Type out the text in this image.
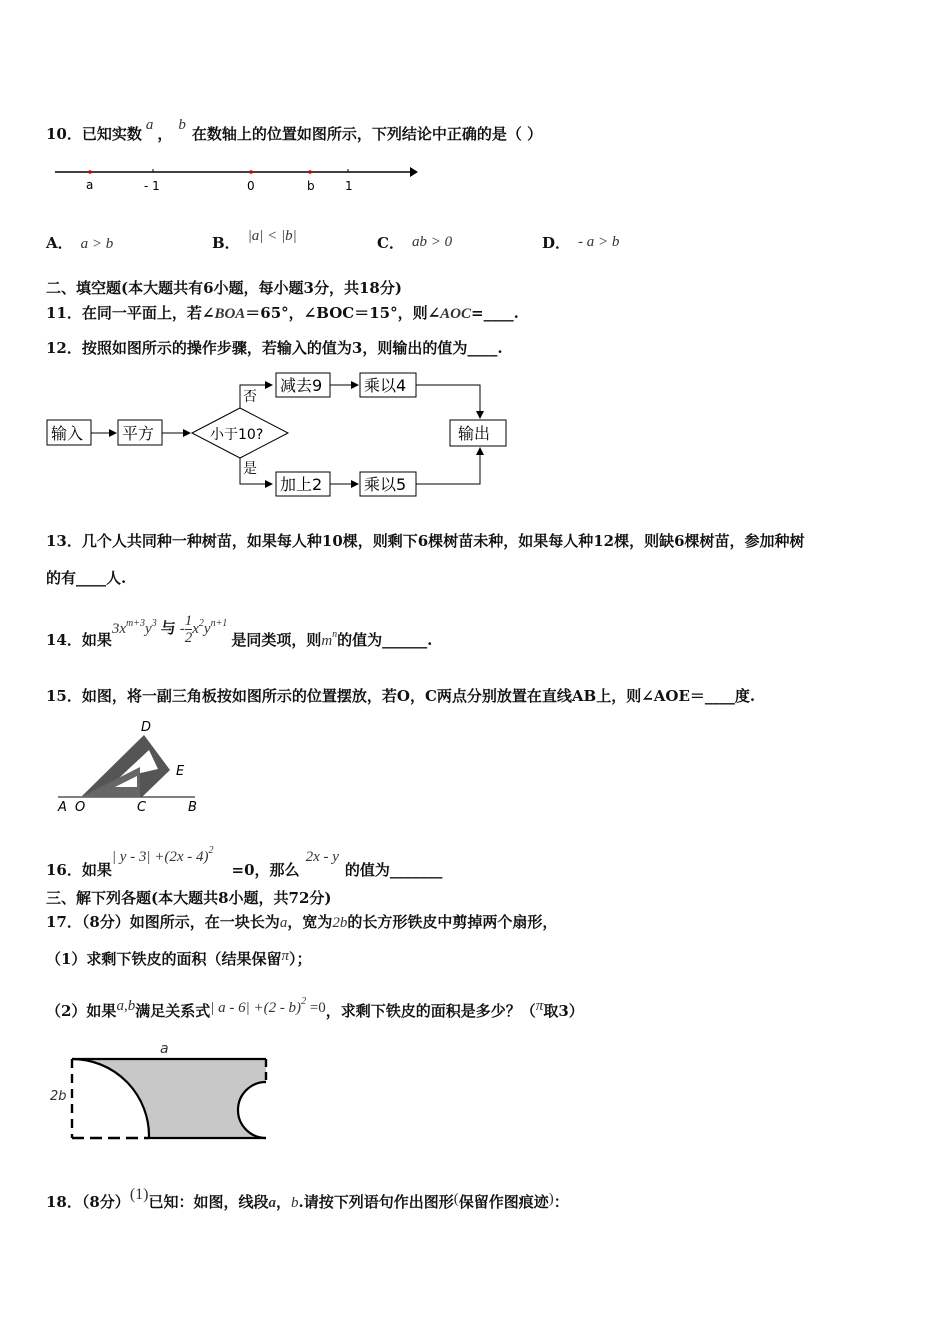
10．已知实数 a ， b 在数轴上的位置如图所示，下列结论中正确的是（ ）
a	- 1	0	b	1
A． a > b	B． |a| < |b|	C． ab > 0	D． - a > b
二、填空题(本大题共有6小题，每小题3分，共18分)
11．在同一平面上，若∠BOA＝65°，∠BOC＝15°，则∠AOC=____.
12．按照如图所示的操作步骤，若输入的值为3，则输出的值为____.
输入 平方	小于10?
否
是
减去9	乘以4
加上2	乘以5
输出
13．几个人共同种一种树苗，如果每人种10棵，则剩下6棵树苗未种，如果每人种12棵，则缺6棵树苗，参加种树
的有____人.
14．如果$3x^{m+3}y^3$ 与 - $\frac{1}{2} x^2y^{n+1}$是同类项，则$m_n$的值为______.
15．如图，将一副三角板按如图所示的位置摆放，若O，C两点分别放置在直线AB上，则∠AOE＝____度.
D
E
A O	C	B
16．如果| y - 3| +(2x - 4)$^2$=0，那么2x - y的值为_______
三、解下列各题(本大题共8小题，共72分)
17．（8分）如图所示，在一块长为a，宽为2b的长方形铁皮中剪掉两个扇形，
（1）求剩下铁皮的面积（结果保留π）；
（2）如果a,b满足关系式| a - 6| +(2 - b)$^2$ =0，求剩下铁皮的面积是多少？（π取3）
a
2b
18．（8分）(1)已知：如图，线段a，b.请按下列语句作出图形(保留作图痕迹)：
